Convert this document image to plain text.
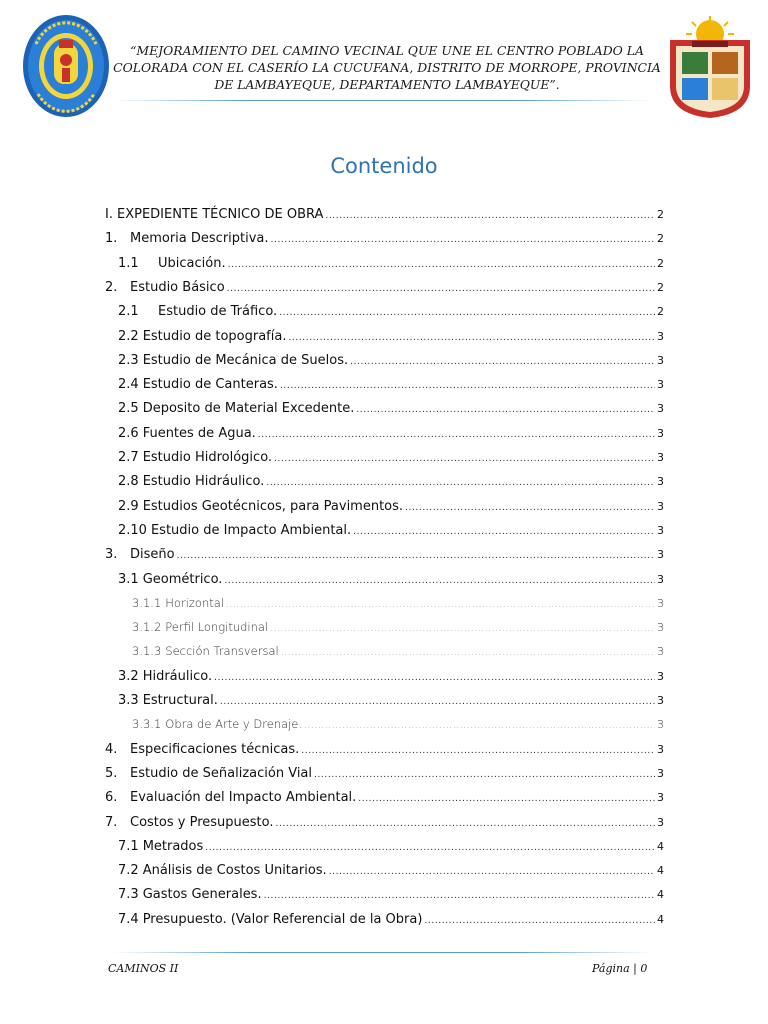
“MEJORAMIENTO DEL CAMINO VECINAL QUE UNE EL CENTRO POBLADO LA COLORADA CON EL CASERÍO LA CUCUFANA, DISTRITO DE MORROPE, PROVINCIA DE LAMBAYEQUE, DEPARTAMENTO LAMBAYEQUE”.
Contenido
I. EXPEDIENTE TÉCNICO DE OBRA .....	2
1. Memoria Descriptiva. .....	2
1.1	Ubicación. .....	2
2. Estudio Básico .....	2
2.1	Estudio de Tráfico. .....	2
2.2 Estudio de topografía. .....	3
2.3 Estudio de Mecánica de Suelos. .....	3
2.4 Estudio de Canteras. .....	3
2.5 Deposito de Material Excedente. .....	3
2.6 Fuentes de Agua. .....	3
2.7 Estudio Hidrológico. .....	3
2.8 Estudio Hidráulico. .....	3
2.9 Estudios Geotécnicos, para Pavimentos. .....	3
2.10 Estudio de Impacto Ambiental. .....	3
3. Diseño .....	3
3.1 Geométrico. .....	3
3.1.1 Horizontal .....	3
3.1.2 Perfil Longitudinal .....	3
3.1.3 Sección Transversal .....	3
3.2 Hidráulico. .....	3
3.3 Estructural. .....	3
3.3.1 Obra de Arte y Drenaje. .....	3
4. Especificaciones técnicas. .....	3
5. Estudio de Señalización Vial .....	3
6. Evaluación del Impacto Ambiental. .....	3
7. Costos y Presupuesto. .....	3
7.1 Metrados .....	4
7.2 Análisis de Costos Unitarios. .....	4
7.3 Gastos Generales. .....	4
7.4 Presupuesto. (Valor Referencial de la Obra) .....	4
CAMINOS II	Página | 0
